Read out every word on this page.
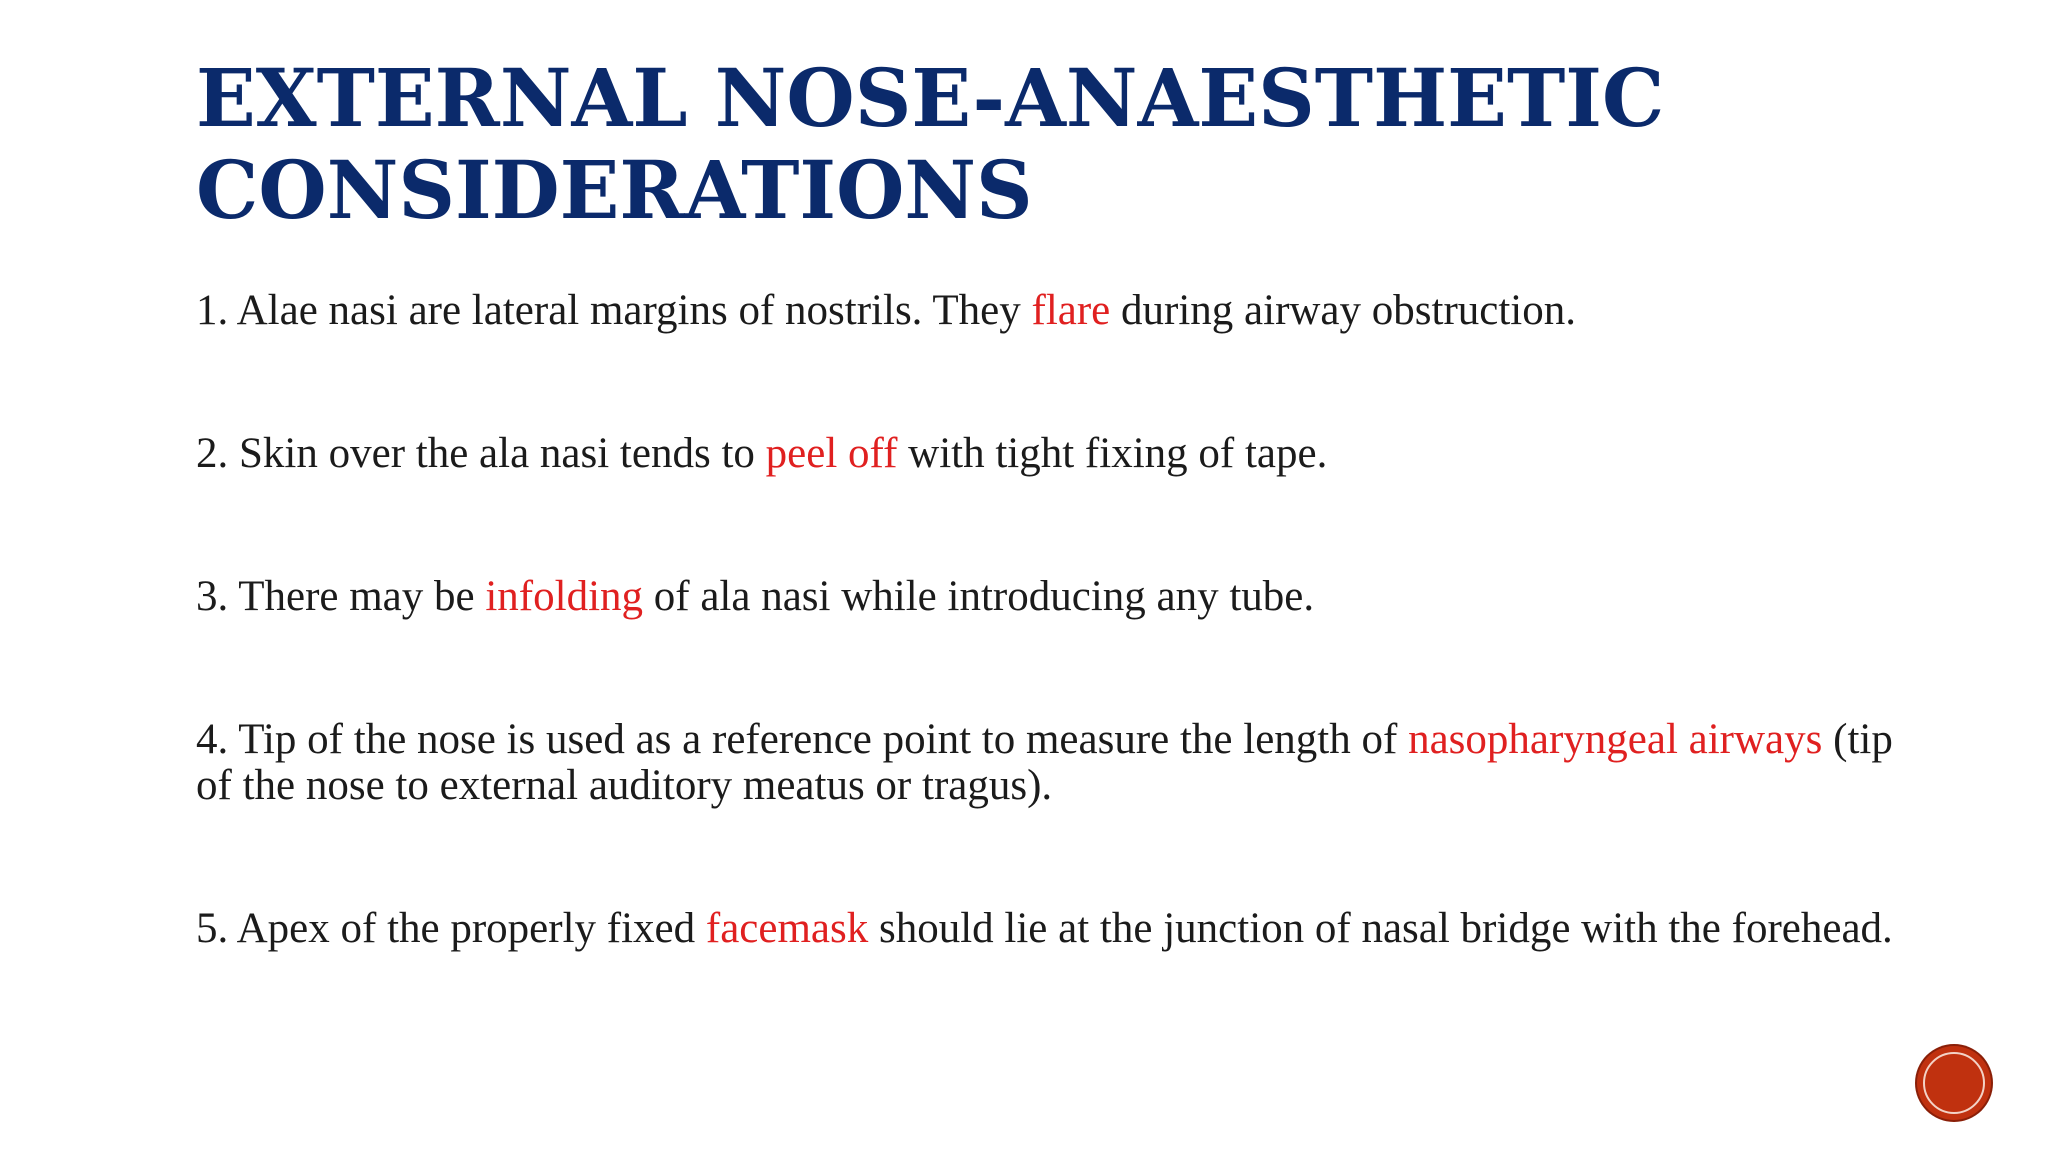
EXTERNAL NOSE-ANAESTHETIC
CONSIDERATIONS
1. Alae nasi are lateral margins of nostrils. They flare during airway obstruction.
2. Skin over the ala nasi tends to peel off with tight fixing of tape.
3. There may be infolding of ala nasi while introducing any tube.
4. Tip of the nose is used as a reference point to measure the length of nasopharyngeal airways (tip of the nose to external auditory meatus or tragus).
5. Apex of the properly fixed facemask should lie at the junction of nasal bridge with the forehead.
